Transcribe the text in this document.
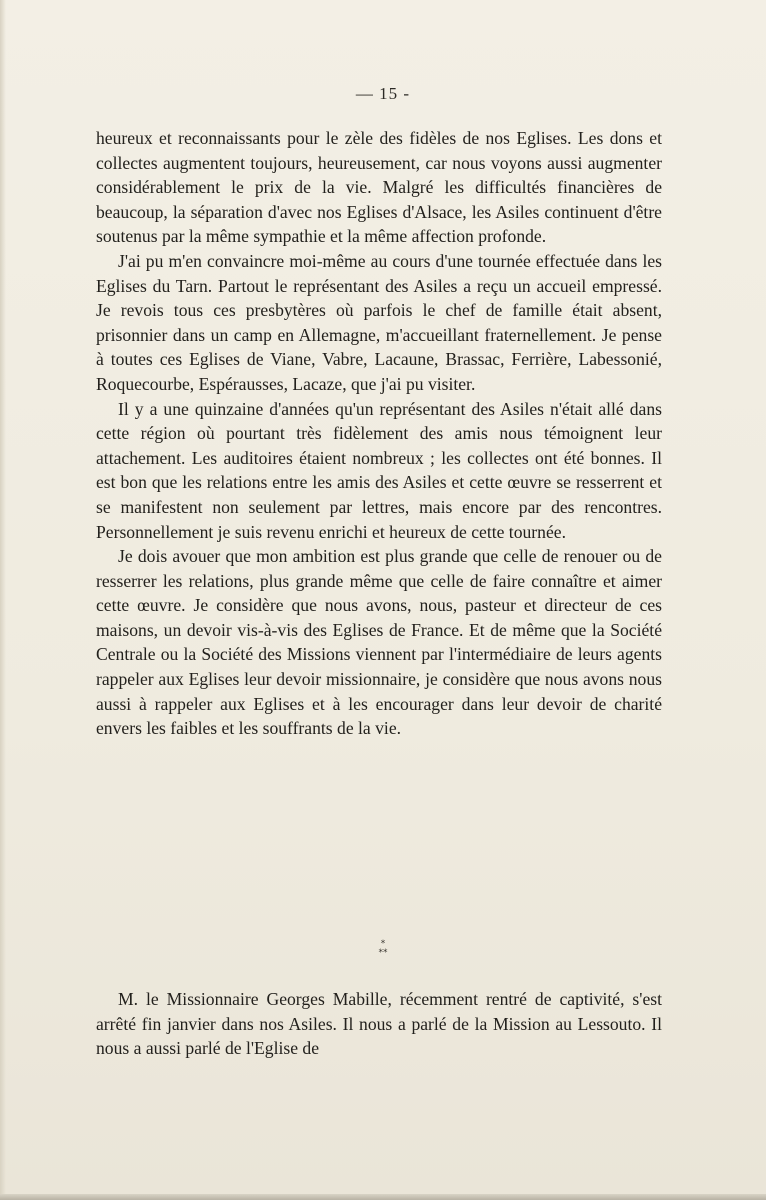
— 15 -

heureux et reconnaissants pour le zèle des fidèles de nos Eglises. Les dons et collectes augmentent toujours, heureusement, car nous voyons aussi augmenter considérablement le prix de la vie. Malgré les difficultés financières de beaucoup, la séparation d'avec nos Eglises d'Alsace, les Asiles continuent d'être soutenus par la même sympathie et la même affection profonde.

J'ai pu m'en convaincre moi-même au cours d'une tournée effectuée dans les Eglises du Tarn. Partout le représentant des Asiles a reçu un accueil empressé. Je revois tous ces presbytères où parfois le chef de famille était absent, prisonnier dans un camp en Allemagne, m'accueillant fraternellement. Je pense à toutes ces Eglises de Viane, Vabre, Lacaune, Brassac, Ferrière, Labessonié, Roquecourbe, Espérausses, Lacaze, que j'ai pu visiter.

Il y a une quinzaine d'années qu'un représentant des Asiles n'était allé dans cette région où pourtant très fidèlement des amis nous témoignent leur attachement. Les auditoires étaient nombreux ; les collectes ont été bonnes. Il est bon que les relations entre les amis des Asiles et cette œuvre se resserrent et se manifestent non seulement par lettres, mais encore par des rencontres. Personnellement je suis revenu enrichi et heureux de cette tournée.

Je dois avouer que mon ambition est plus grande que celle de renouer ou de resserrer les relations, plus grande même que celle de faire connaître et aimer cette œuvre. Je considère que nous avons, nous, pasteur et directeur de ces maisons, un devoir vis-à-vis des Eglises de France. Et de même que la Société Centrale ou la Société des Missions viennent par l'intermédiaire de leurs agents rappeler aux Eglises leur devoir missionnaire, je considère que nous avons nous aussi à rappeler aux Eglises et à les encourager dans leur devoir de charité envers les faibles et les souffrants de la vie.

*
**

M. le Missionnaire Georges Mabille, récemment rentré de captivité, s'est arrêté fin janvier dans nos Asiles. Il nous a parlé de la Mission au Lessouto. Il nous a aussi parlé de l'Eglise de
